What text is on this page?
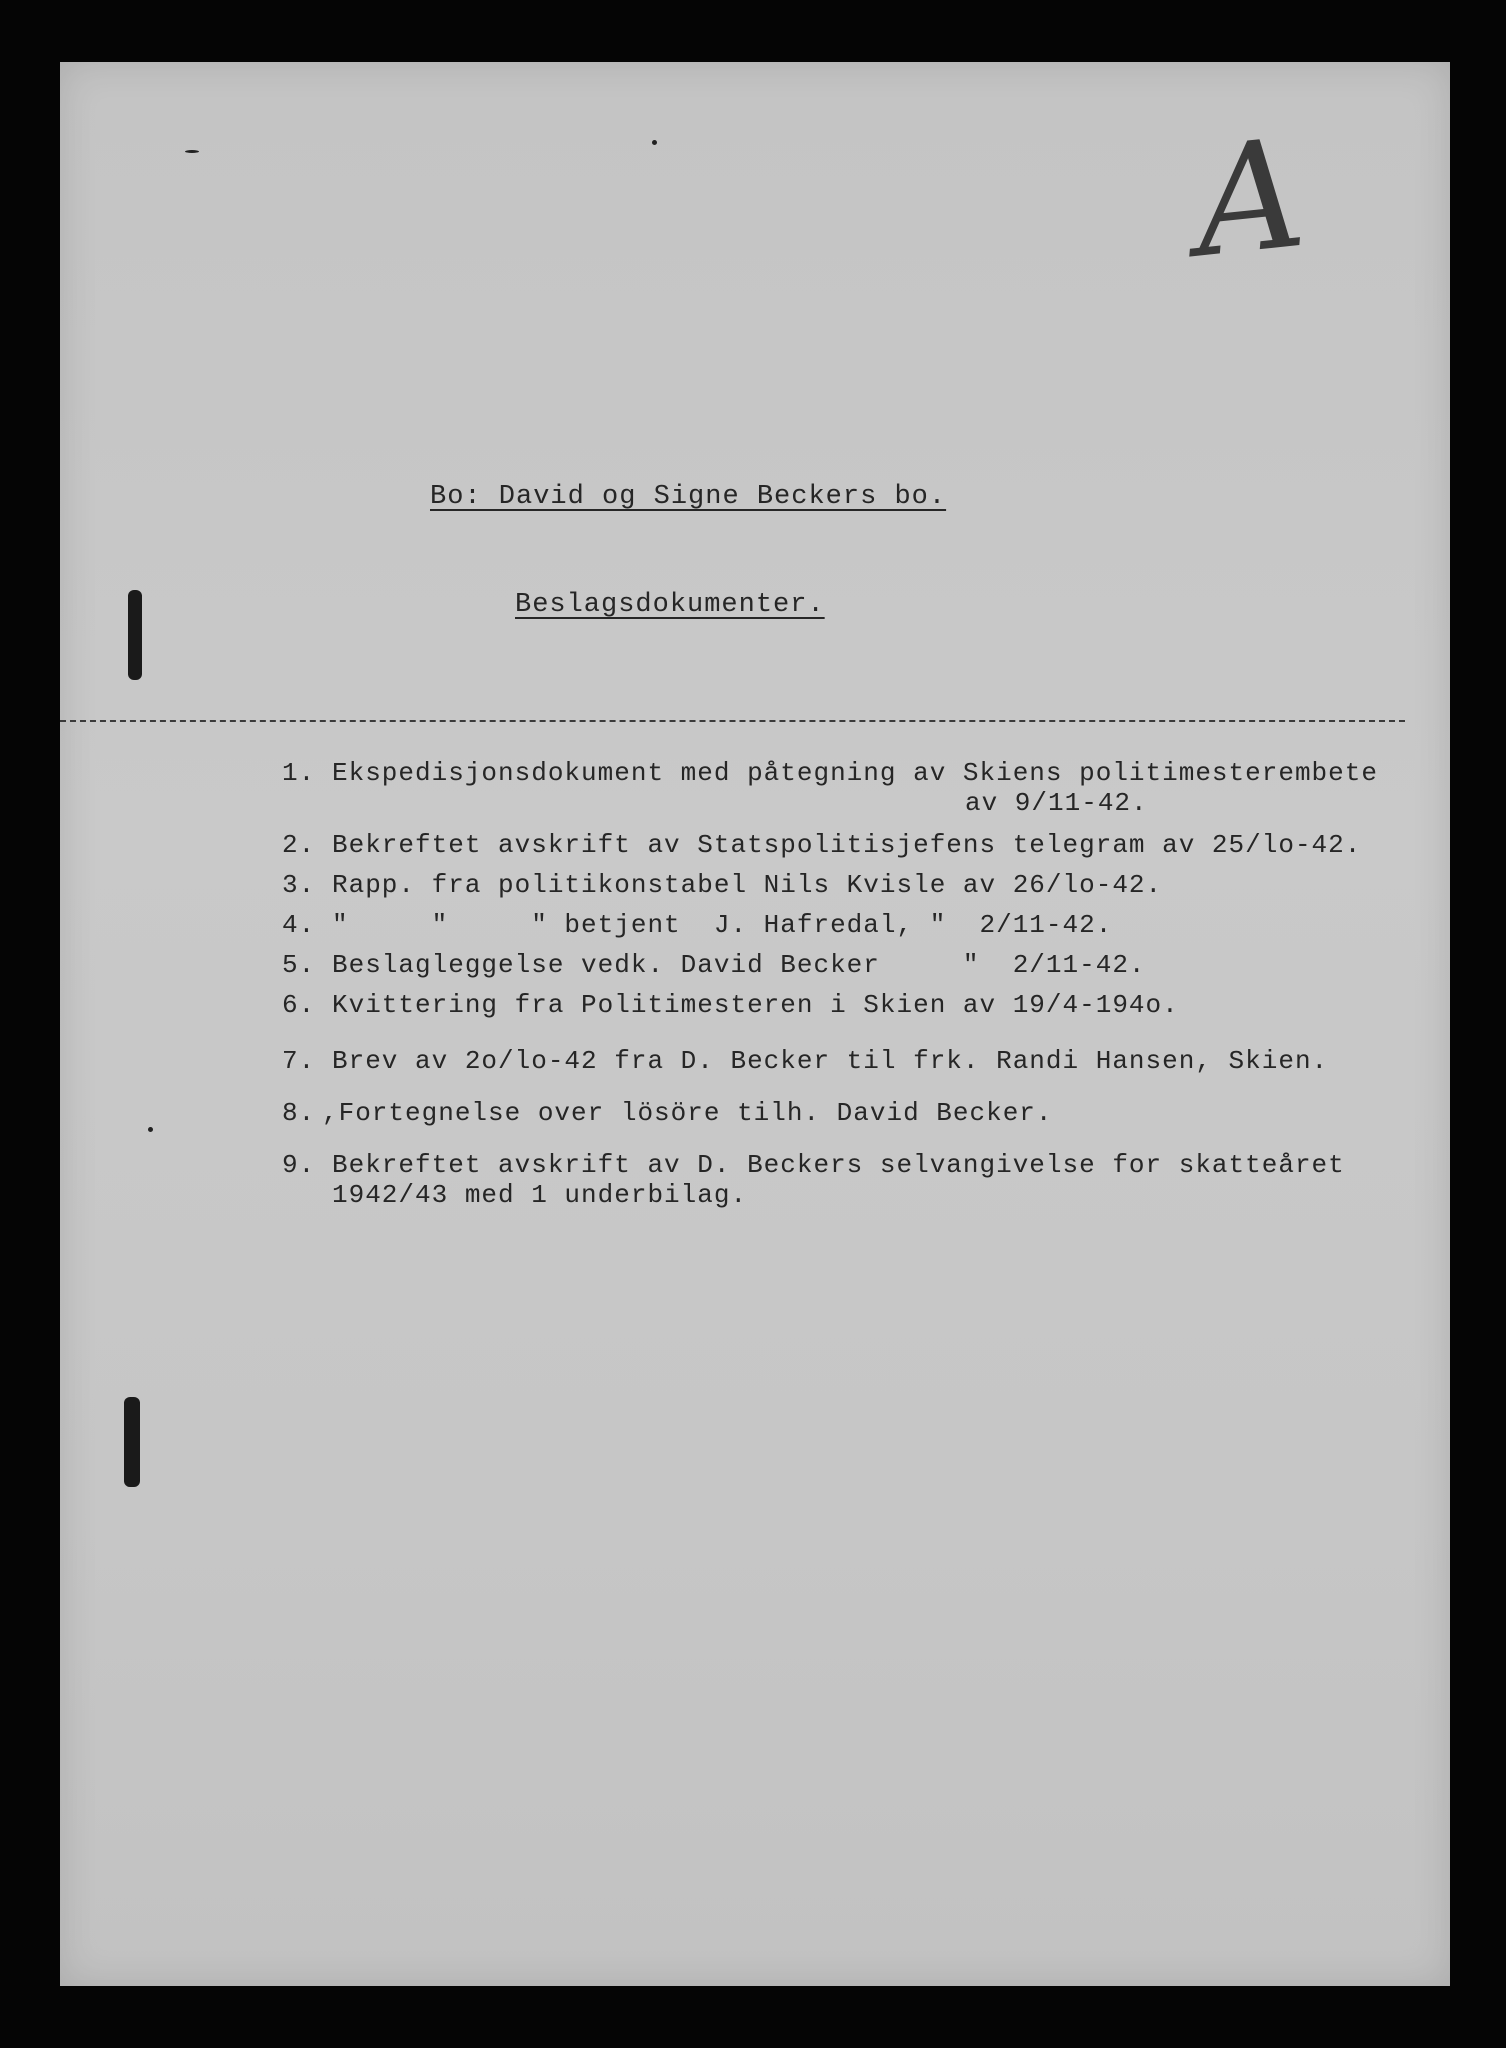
A
Bo: David og Signe Beckers bo.
Beslagsdokumenter.
1. Ekspedisjonsdokument med påtegning av Skiens politimesterembete
av 9/11-42.
2. Bekreftet avskrift av Statspolitisjefens telegram av 25/lo-42.
3. Rapp. fra politikonstabel Nils Kvisle av 26/lo-42.
4. "     "     " betjent  J. Hafredal, "  2/11-42.
5. Beslagleggelse vedk. David Becker     "  2/11-42.
6. Kvittering fra Politimesteren i Skien av 19/4-194o.
7. Brev av 2o/lo-42 fra D. Becker til frk. Randi Hansen, Skien.
8. ,Fortegnelse over lösöre tilh. David Becker.
9. Bekreftet avskrift av D. Beckers selvangivelse for skatteåret
1942/43 med 1 underbilag.
